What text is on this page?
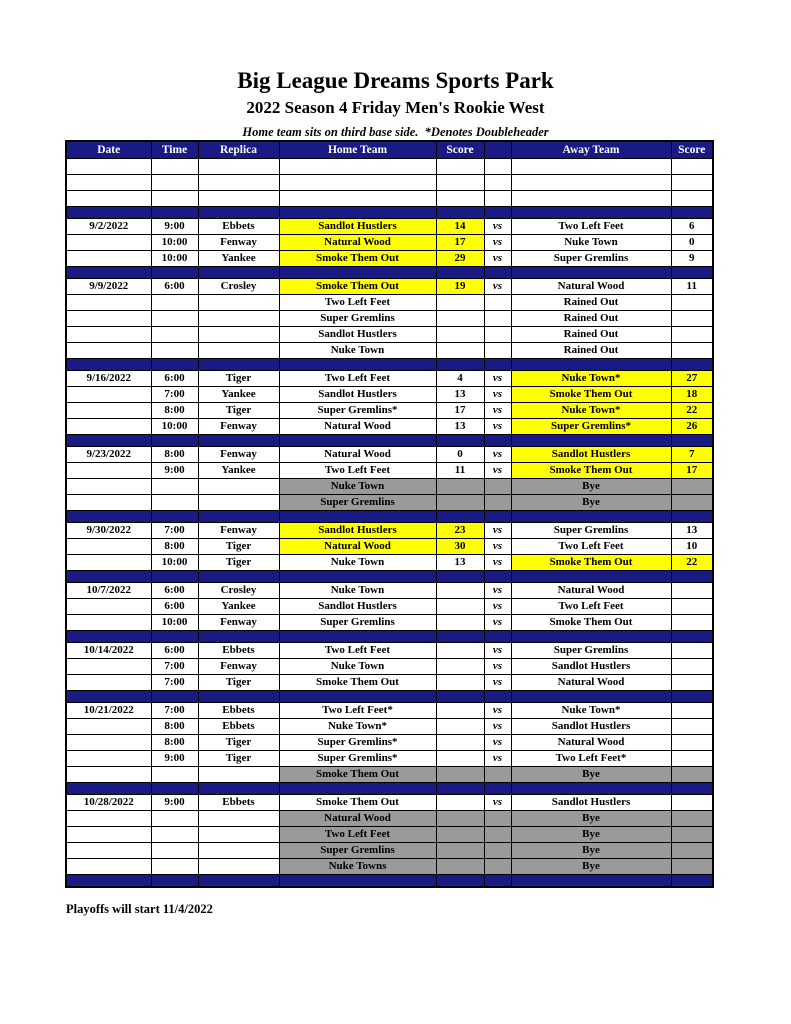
Big League Dreams Sports Park
2022 Season 4 Friday Men's Rookie West
Home team sits on third base side.  *Denotes Doubleheader
Date	Time	Replica	Home Team	Score		Away Team	Score

9/2/2022	9:00	Ebbets	Sandlot Hustlers	14	vs	Two Left Feet	6
	10:00	Fenway	Natural Wood	17	vs	Nuke Town	0
	10:00	Yankee	Smoke Them Out	29	vs	Super Gremlins	9

9/9/2022	6:00	Crosley	Smoke Them Out	19	vs	Natural Wood	11
			Two Left Feet			Rained Out	
			Super Gremlins			Rained Out	
			Sandlot Hustlers			Rained Out	
			Nuke Town			Rained Out	

9/16/2022	6:00	Tiger	Two Left Feet	4	vs	Nuke Town*	27
	7:00	Yankee	Sandlot Hustlers	13	vs	Smoke Them Out	18
	8:00	Tiger	Super Gremlins*	17	vs	Nuke Town*	22
	10:00	Fenway	Natural Wood	13	vs	Super Gremlins*	26

9/23/2022	8:00	Fenway	Natural Wood	0	vs	Sandlot Hustlers	7
	9:00	Yankee	Two Left Feet	11	vs	Smoke Them Out	17
			Nuke Town			Bye	
			Super Gremlins			Bye	

9/30/2022	7:00	Fenway	Sandlot Hustlers	23	vs	Super Gremlins	13
	8:00	Tiger	Natural Wood	30	vs	Two Left Feet	10
	10:00	Tiger	Nuke Town	13	vs	Smoke Them Out	22

10/7/2022	6:00	Crosley	Nuke Town		vs	Natural Wood	
	6:00	Yankee	Sandlot Hustlers		vs	Two Left Feet	
	10:00	Fenway	Super Gremlins		vs	Smoke Them Out	

10/14/2022	6:00	Ebbets	Two Left Feet		vs	Super Gremlins	
	7:00	Fenway	Nuke Town		vs	Sandlot Hustlers	
	7:00	Tiger	Smoke Them Out		vs	Natural Wood	

10/21/2022	7:00	Ebbets	Two Left Feet*		vs	Nuke Town*	
	8:00	Ebbets	Nuke Town*		vs	Sandlot Hustlers	
	8:00	Tiger	Super Gremlins*		vs	Natural Wood	
	9:00	Tiger	Super Gremlins*		vs	Two Left Feet*	
			Smoke Them Out			Bye	

10/28/2022	9:00	Ebbets	Smoke Them Out		vs	Sandlot Hustlers	
			Natural Wood			Bye	
			Two Left Feet			Bye	
			Super Gremlins			Bye	
			Nuke Towns			Bye	

Playoffs will start 11/4/2022
